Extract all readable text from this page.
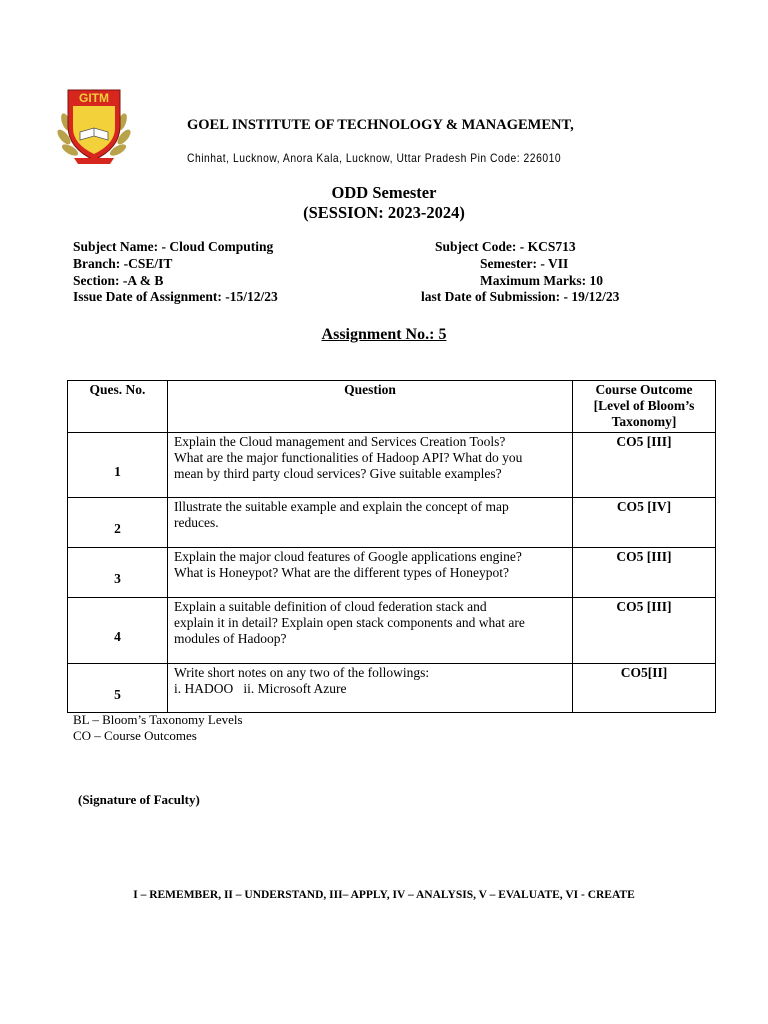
GITM
GOEL INSTITUTE OF TECHNOLOGY & MANAGEMENT,
Chinhat, Lucknow, Anora Kala, Lucknow, Uttar Pradesh Pin Code: 226010
ODD Semester
(SESSION: 2023-2024)
Subject Name: - Cloud Computing	Subject Code: - KCS713
Branch: -CSE/IT	Semester: - VII
Section: -A & B	Maximum Marks: 10
Issue Date of Assignment: -15/12/23	last Date of Submission: - 19/12/23
Assignment No.: 5
Ques. No.	Question	Course Outcome
[Level of Bloom’s
Taxonomy]

1	Explain the Cloud management and Services Creation Tools?
What are the major functionalities of Hadoop API? What do you
mean by third party cloud services? Give suitable examples?	CO5 [III]
2	Illustrate the suitable example and explain the concept of map
reduces.	CO5 [IV]
3	Explain the major cloud features of Google applications engine?
What is Honeypot? What are the different types of Honeypot?	CO5 [III]
4	Explain a suitable definition of cloud federation stack and
explain it in detail? Explain open stack components and what are
modules of Hadoop?	CO5 [III]
5	Write short notes on any two of the followings:
i. HADOO   ii. Microsoft Azure	CO5[II]
BL – Bloom’s Taxonomy Levels
CO – Course Outcomes
(Signature of Faculty)
I – REMEMBER, II – UNDERSTAND, III– APPLY, IV – ANALYSIS, V – EVALUATE, VI - CREATE
